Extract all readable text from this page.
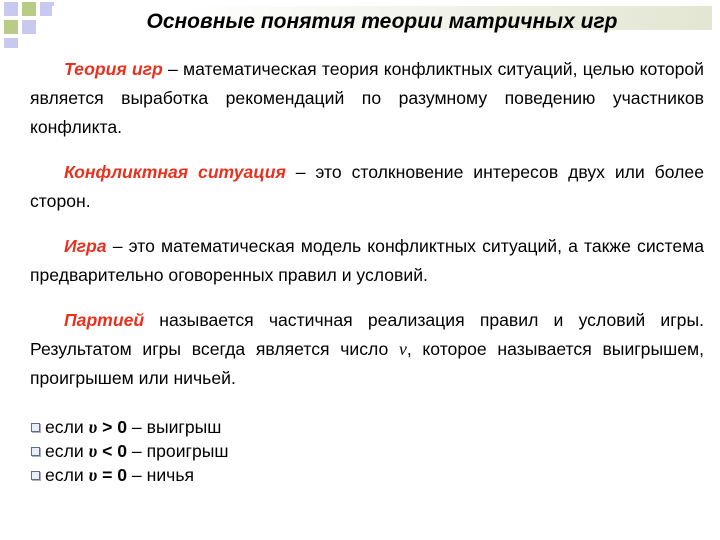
Основные понятия теории матричных игр

Теория игр – математическая теория конфликтных ситуаций, целью которой является выработка рекомендаций по разумному поведению участников конфликта.

Конфликтная ситуация – это столкновение интересов двух или более сторон.

Игра – это математическая модель конфликтных ситуаций, а также система предварительно оговоренных правил и условий.

Партией называется частичная реализация правил и условий игры. Результатом игры всегда является число ν, которое называется выигрышем, проигрышем или ничьей.

если υ > 0 – выигрыш
если υ < 0 – проигрыш
если υ = 0 – ничья
